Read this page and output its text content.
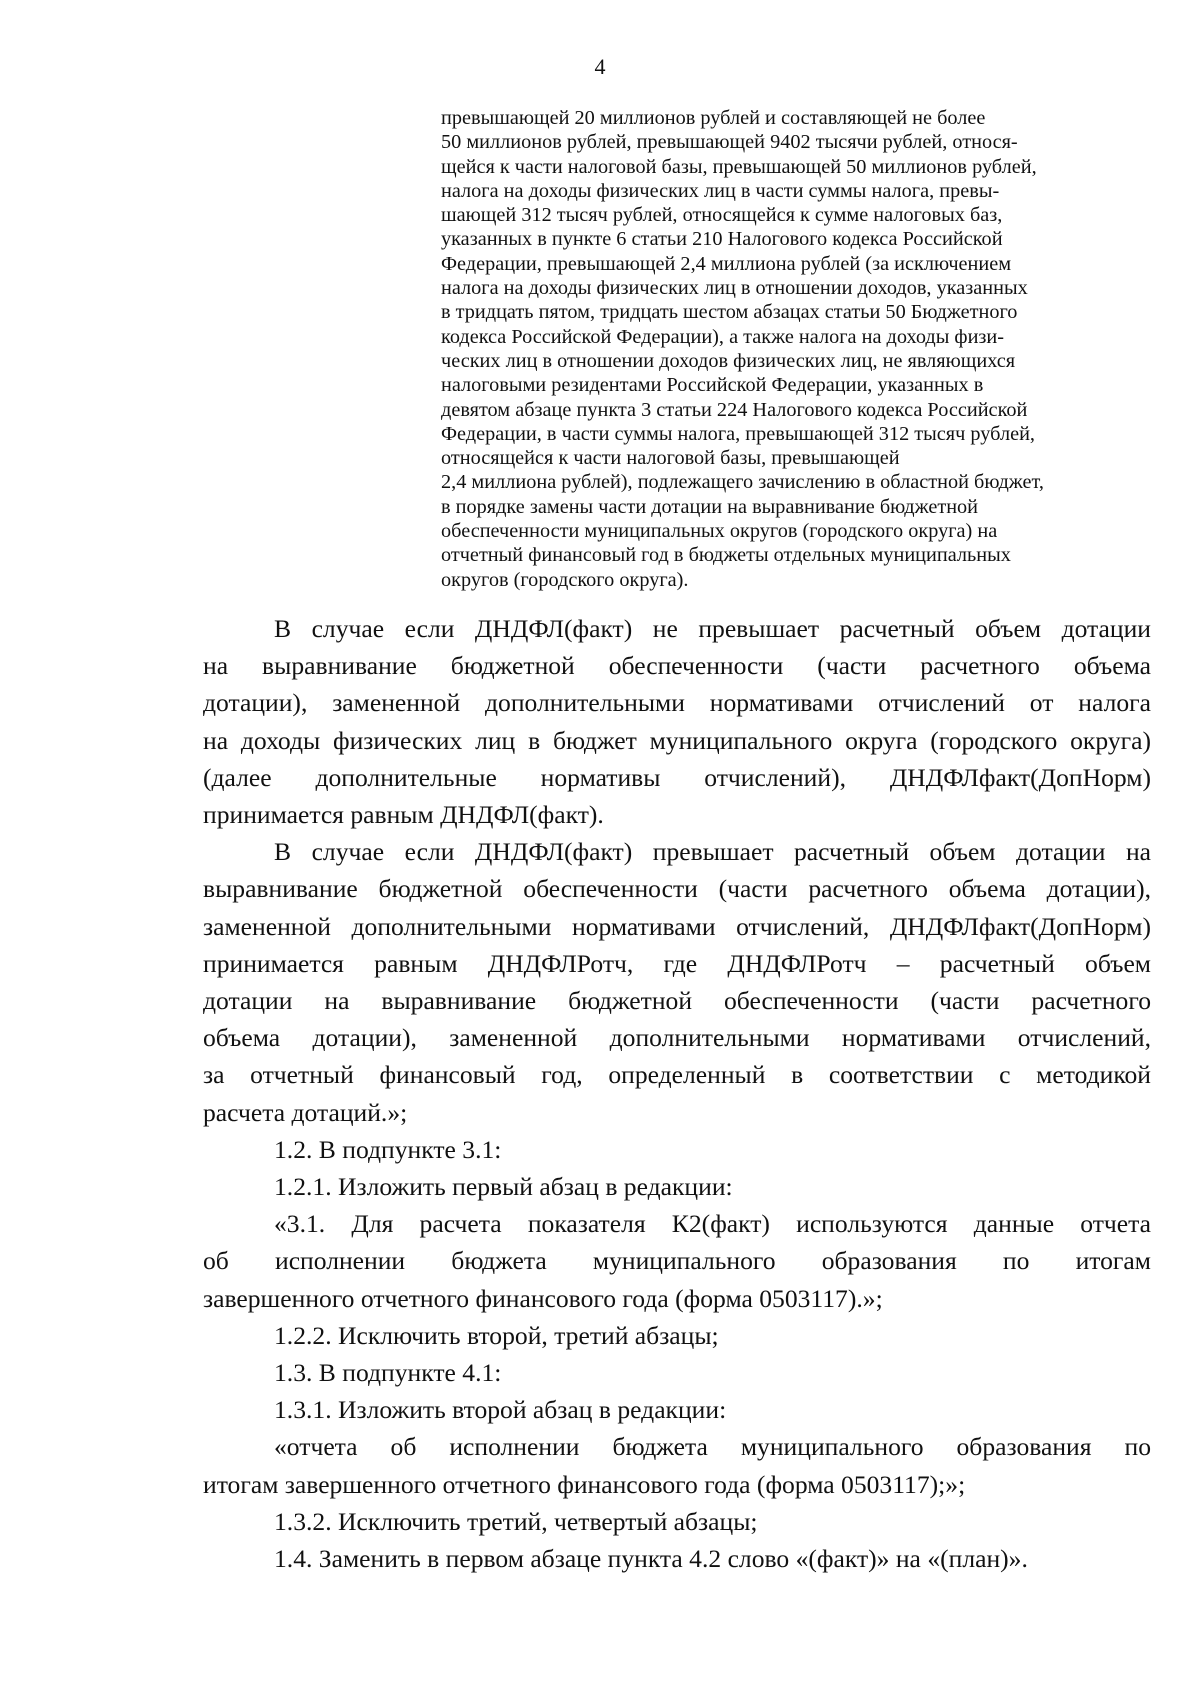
4
превышающей 20 миллионов рублей и составляющей не более
50 миллионов рублей, превышающей 9402 тысячи рублей, относя-
щейся к части налоговой базы, превышающей 50 миллионов рублей,
налога на доходы физических лиц в части суммы налога, превы-
шающей 312 тысяч рублей, относящейся к сумме налоговых баз,
указанных в пункте 6 статьи 210 Налогового кодекса Российской
Федерации, превышающей 2,4 миллиона рублей (за исключением
налога на доходы физических лиц в отношении доходов, указанных
в тридцать пятом, тридцать шестом абзацах статьи 50 Бюджетного
кодекса Российской Федерации), а также налога на доходы физи-
ческих лиц в отношении доходов физических лиц, не являющихся
налоговыми резидентами Российской Федерации, указанных в
девятом абзаце пункта 3 статьи 224 Налогового кодекса Российской
Федерации, в части суммы налога, превышающей 312 тысяч рублей,
относящейся к части налоговой базы, превышающей
2,4 миллиона рублей), подлежащего зачислению в областной бюджет,
в порядке замены части дотации на выравнивание бюджетной
обеспеченности муниципальных округов (городского округа) на
отчетный финансовый год в бюджеты отдельных муниципальных
округов (городского округа).
В случае если ДНДФЛ(факт) не превышает расчетный объем дотации
на выравнивание бюджетной обеспеченности (части расчетного объема
дотации), замененной дополнительными нормативами отчислений от налога
на доходы физических лиц в бюджет муниципального округа (городского округа)
(далее дополнительные нормативы отчислений), ДНДФЛфакт(ДопНорм)
принимается равным ДНДФЛ(факт).
В случае если ДНДФЛ(факт) превышает расчетный объем дотации на
выравнивание бюджетной обеспеченности (части расчетного объема дотации),
замененной дополнительными нормативами отчислений, ДНДФЛфакт(ДопНорм)
принимается равным ДНДФЛРотч, где ДНДФЛРотч – расчетный объем
дотации на выравнивание бюджетной обеспеченности (части расчетного
объема дотации), замененной дополнительными нормативами отчислений,
за отчетный финансовый год, определенный в соответствии с методикой
расчета дотаций.»;
1.2. В подпункте 3.1:
1.2.1. Изложить первый абзац в редакции:
«3.1. Для расчета показателя К2(факт) используются данные отчета
об исполнении бюджета муниципального образования по итогам
завершенного отчетного финансового года (форма 0503117).»;
1.2.2. Исключить второй, третий абзацы;
1.3. В подпункте 4.1:
1.3.1. Изложить второй абзац в редакции:
«отчета об исполнении бюджета муниципального образования по
итогам завершенного отчетного финансового года (форма 0503117);»;
1.3.2. Исключить третий, четвертый абзацы;
1.4. Заменить в первом абзаце пункта 4.2 слово «(факт)» на «(план)».
